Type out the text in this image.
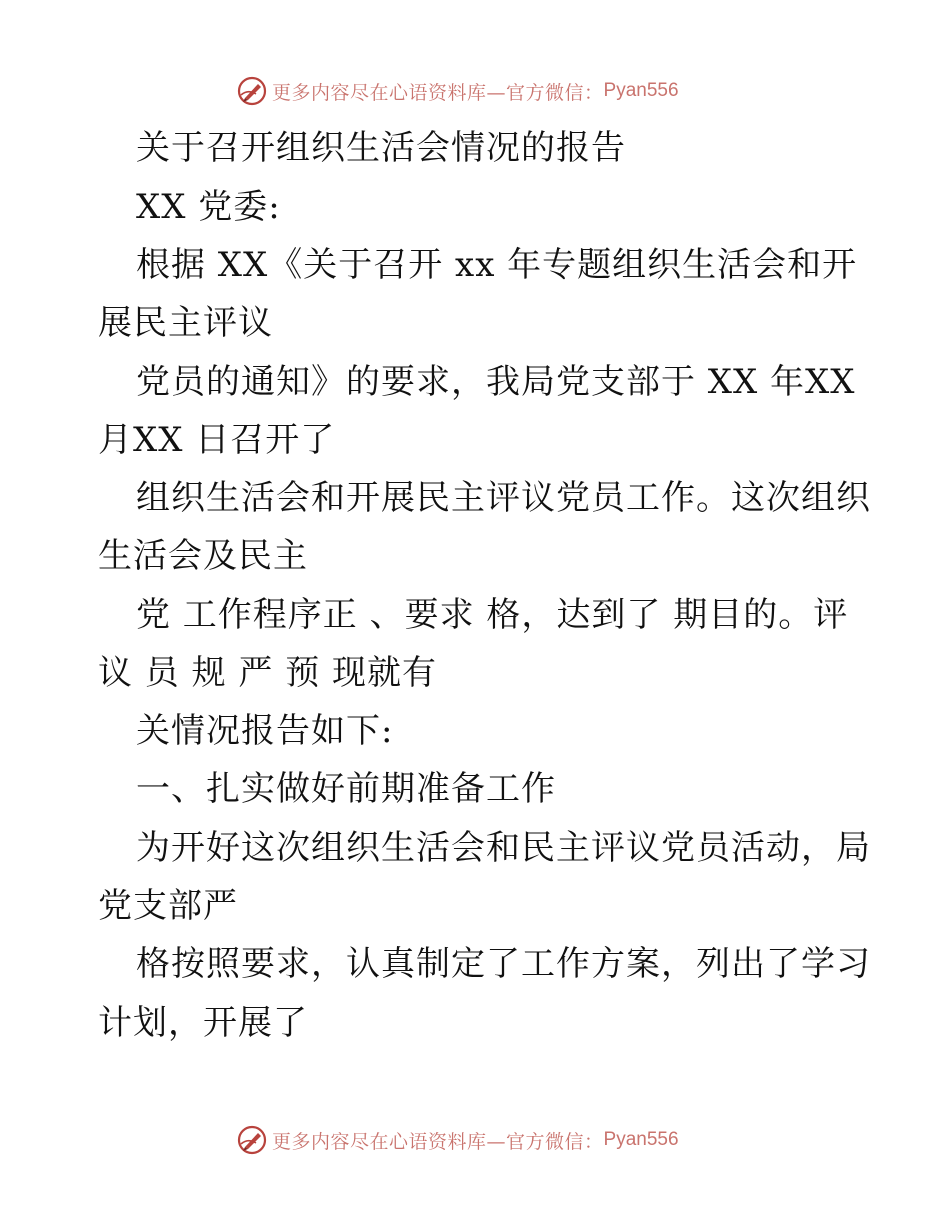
更多内容尽在心语资料库—官方微信： Pyan556
关于召开组织生活会情况的报告
XX 党委:
根据 XX《关于召开 xx 年专题组织生活会和开
展民主评议
党员的通知》的要求，我局党支部于 XX 年XX
月XX 日召开了
组织生活会和开展民主评议党员工作。这次组织
生活会及民主
党 工作程序正 、要求 格，达到了 期目的。评
议 员 规 严 预 现就有
关情况报告如下:
一、扎实做好前期准备工作
为开好这次组织生活会和民主评议党员活动，局
党支部严
格按照要求，认真制定了工作方案，列出了学习
计划，开展了
更多内容尽在心语资料库—官方微信： Pyan556
